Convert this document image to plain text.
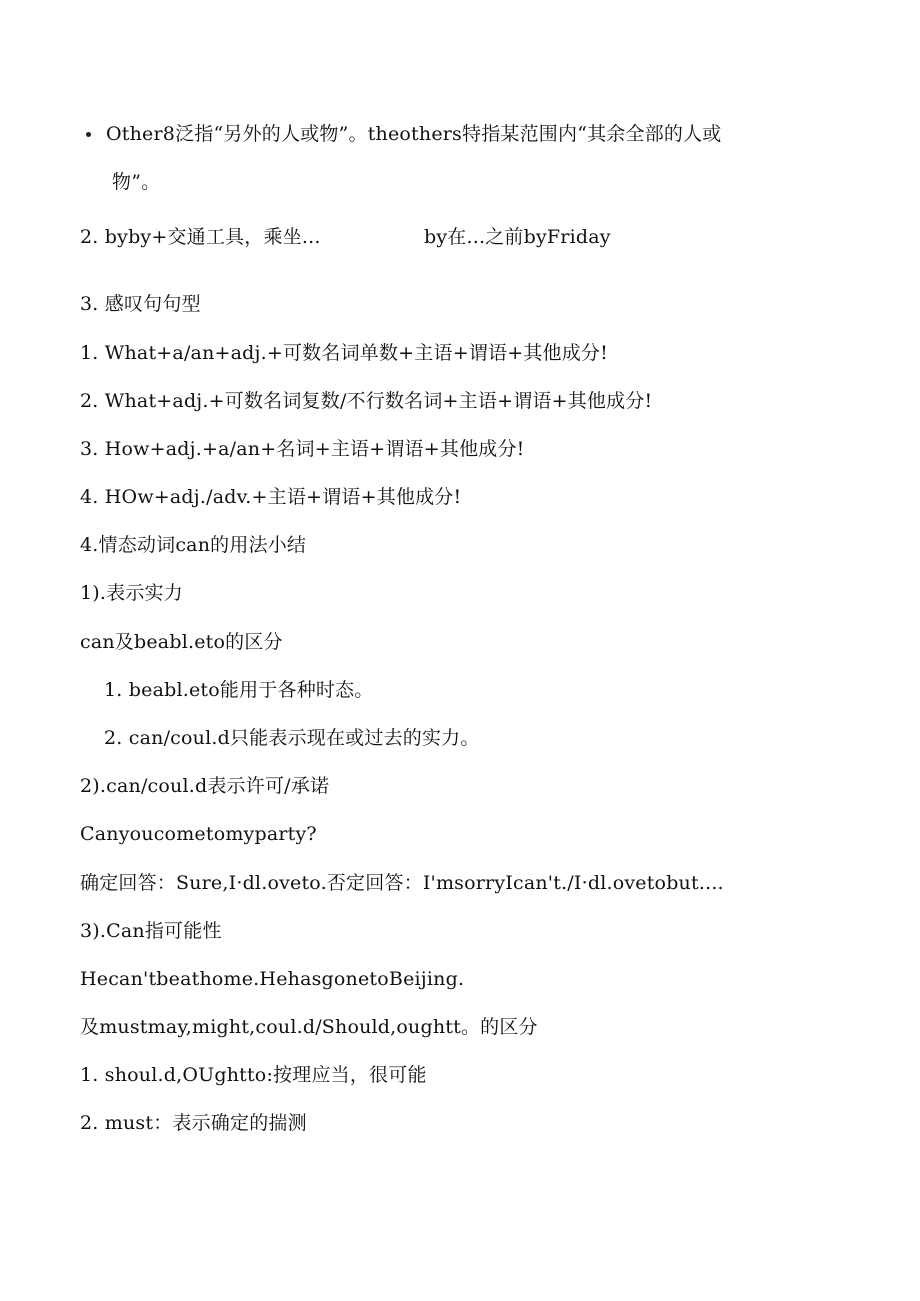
Other8泛指“另外的人或物”。theothers特指某范围内“其余全部的人或
物”。
2. byby+交通工具，乘坐...	by在...之前byFriday
3. 感叹句句型
1. What+a/an+adj.+可数名词单数+主语+谓语+其他成分!
2. What+adj.+可数名词复数/不行数名词+主语+谓语+其他成分!
3. How+adj.+a/an+名词+主语+谓语+其他成分!
4. HOw+adj./adv.+主语+谓语+其他成分!
4.情态动词can的用法小结
1).表示实力
can及beabl.eto的区分
1. beabl.eto能用于各种时态。
2. can/coul.d只能表示现在或过去的实力。
2).can/coul.d表示许可/承诺
Canyoucometomyparty?
确定回答：Sure,I·dl.oveto.否定回答：I'msorryIcan't./I·dl.ovetobut....
3).Can指可能性
Hecan'tbeathome.HehasgonetoBeijing.
及mustmay,might,coul.d/Should,oughtt。的区分
1. shoul.d,OUghtto:按理应当，很可能
2. must：表示确定的揣测
